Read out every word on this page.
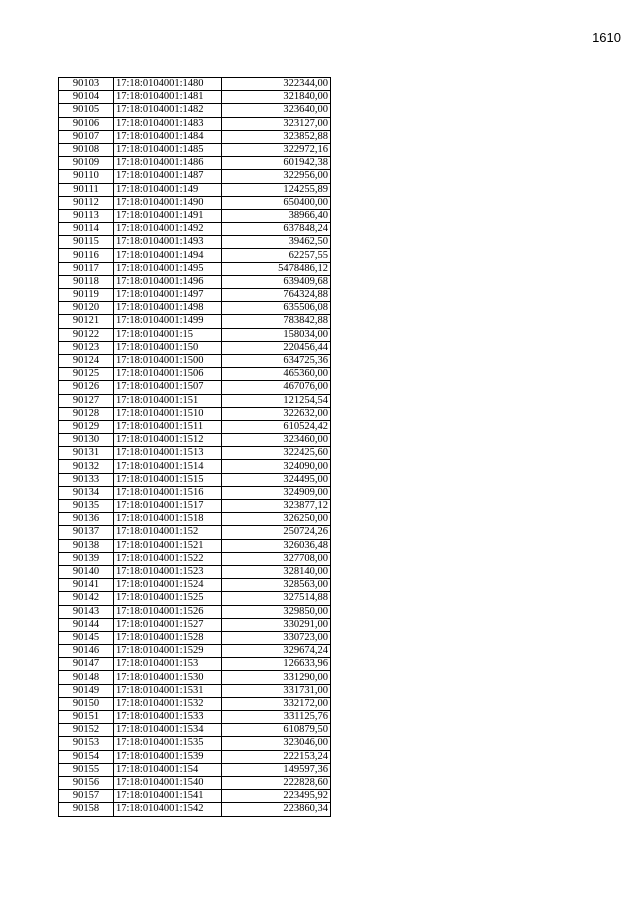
1610
90103	17:18:0104001:1480	322344,00
90104	17:18:0104001:1481	321840,00
90105	17:18:0104001:1482	323640,00
90106	17:18:0104001:1483	323127,00
90107	17:18:0104001:1484	323852,88
90108	17:18:0104001:1485	322972,16
90109	17:18:0104001:1486	601942,38
90110	17:18:0104001:1487	322956,00
90111	17:18:0104001:149	124255,89
90112	17:18:0104001:1490	650400,00
90113	17:18:0104001:1491	38966,40
90114	17:18:0104001:1492	637848,24
90115	17:18:0104001:1493	39462,50
90116	17:18:0104001:1494	62257,55
90117	17:18:0104001:1495	5478486,12
90118	17:18:0104001:1496	639409,68
90119	17:18:0104001:1497	764324,88
90120	17:18:0104001:1498	635506,08
90121	17:18:0104001:1499	783842,88
90122	17:18:0104001:15	158034,00
90123	17:18:0104001:150	220456,44
90124	17:18:0104001:1500	634725,36
90125	17:18:0104001:1506	465360,00
90126	17:18:0104001:1507	467076,00
90127	17:18:0104001:151	121254,54
90128	17:18:0104001:1510	322632,00
90129	17:18:0104001:1511	610524,42
90130	17:18:0104001:1512	323460,00
90131	17:18:0104001:1513	322425,60
90132	17:18:0104001:1514	324090,00
90133	17:18:0104001:1515	324495,00
90134	17:18:0104001:1516	324909,00
90135	17:18:0104001:1517	323877,12
90136	17:18:0104001:1518	326250,00
90137	17:18:0104001:152	250724,26
90138	17:18:0104001:1521	326036,48
90139	17:18:0104001:1522	327708,00
90140	17:18:0104001:1523	328140,00
90141	17:18:0104001:1524	328563,00
90142	17:18:0104001:1525	327514,88
90143	17:18:0104001:1526	329850,00
90144	17:18:0104001:1527	330291,00
90145	17:18:0104001:1528	330723,00
90146	17:18:0104001:1529	329674,24
90147	17:18:0104001:153	126633,96
90148	17:18:0104001:1530	331290,00
90149	17:18:0104001:1531	331731,00
90150	17:18:0104001:1532	332172,00
90151	17:18:0104001:1533	331125,76
90152	17:18:0104001:1534	610879,50
90153	17:18:0104001:1535	323046,00
90154	17:18:0104001:1539	222153,24
90155	17:18:0104001:154	149597,36
90156	17:18:0104001:1540	222828,60
90157	17:18:0104001:1541	223495,92
90158	17:18:0104001:1542	223860,34
